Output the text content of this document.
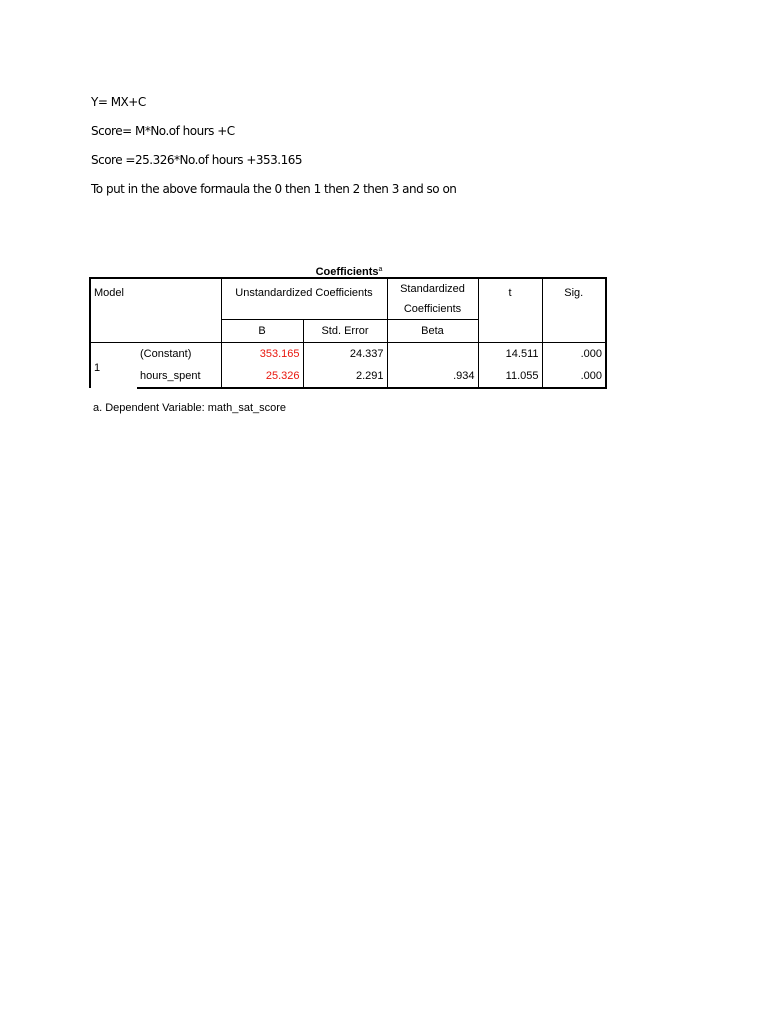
Y= MX+C
Score= M*No.of hours +C
Score =25.326*No.of hours +353.165
To put in the above formaula the 0 then 1 then 2 then 3 and so on
Coefficients$^a$
Model		Unstandardized Coefficients		Standardized	t	Sig.
				Coefficients		
		B	Std. Error	Beta		
1	(Constant)	353.165	24.337		14.511	.000
	hours_spent	25.326	2.291	.934	11.055	.000
a. Dependent Variable: math_sat_score
